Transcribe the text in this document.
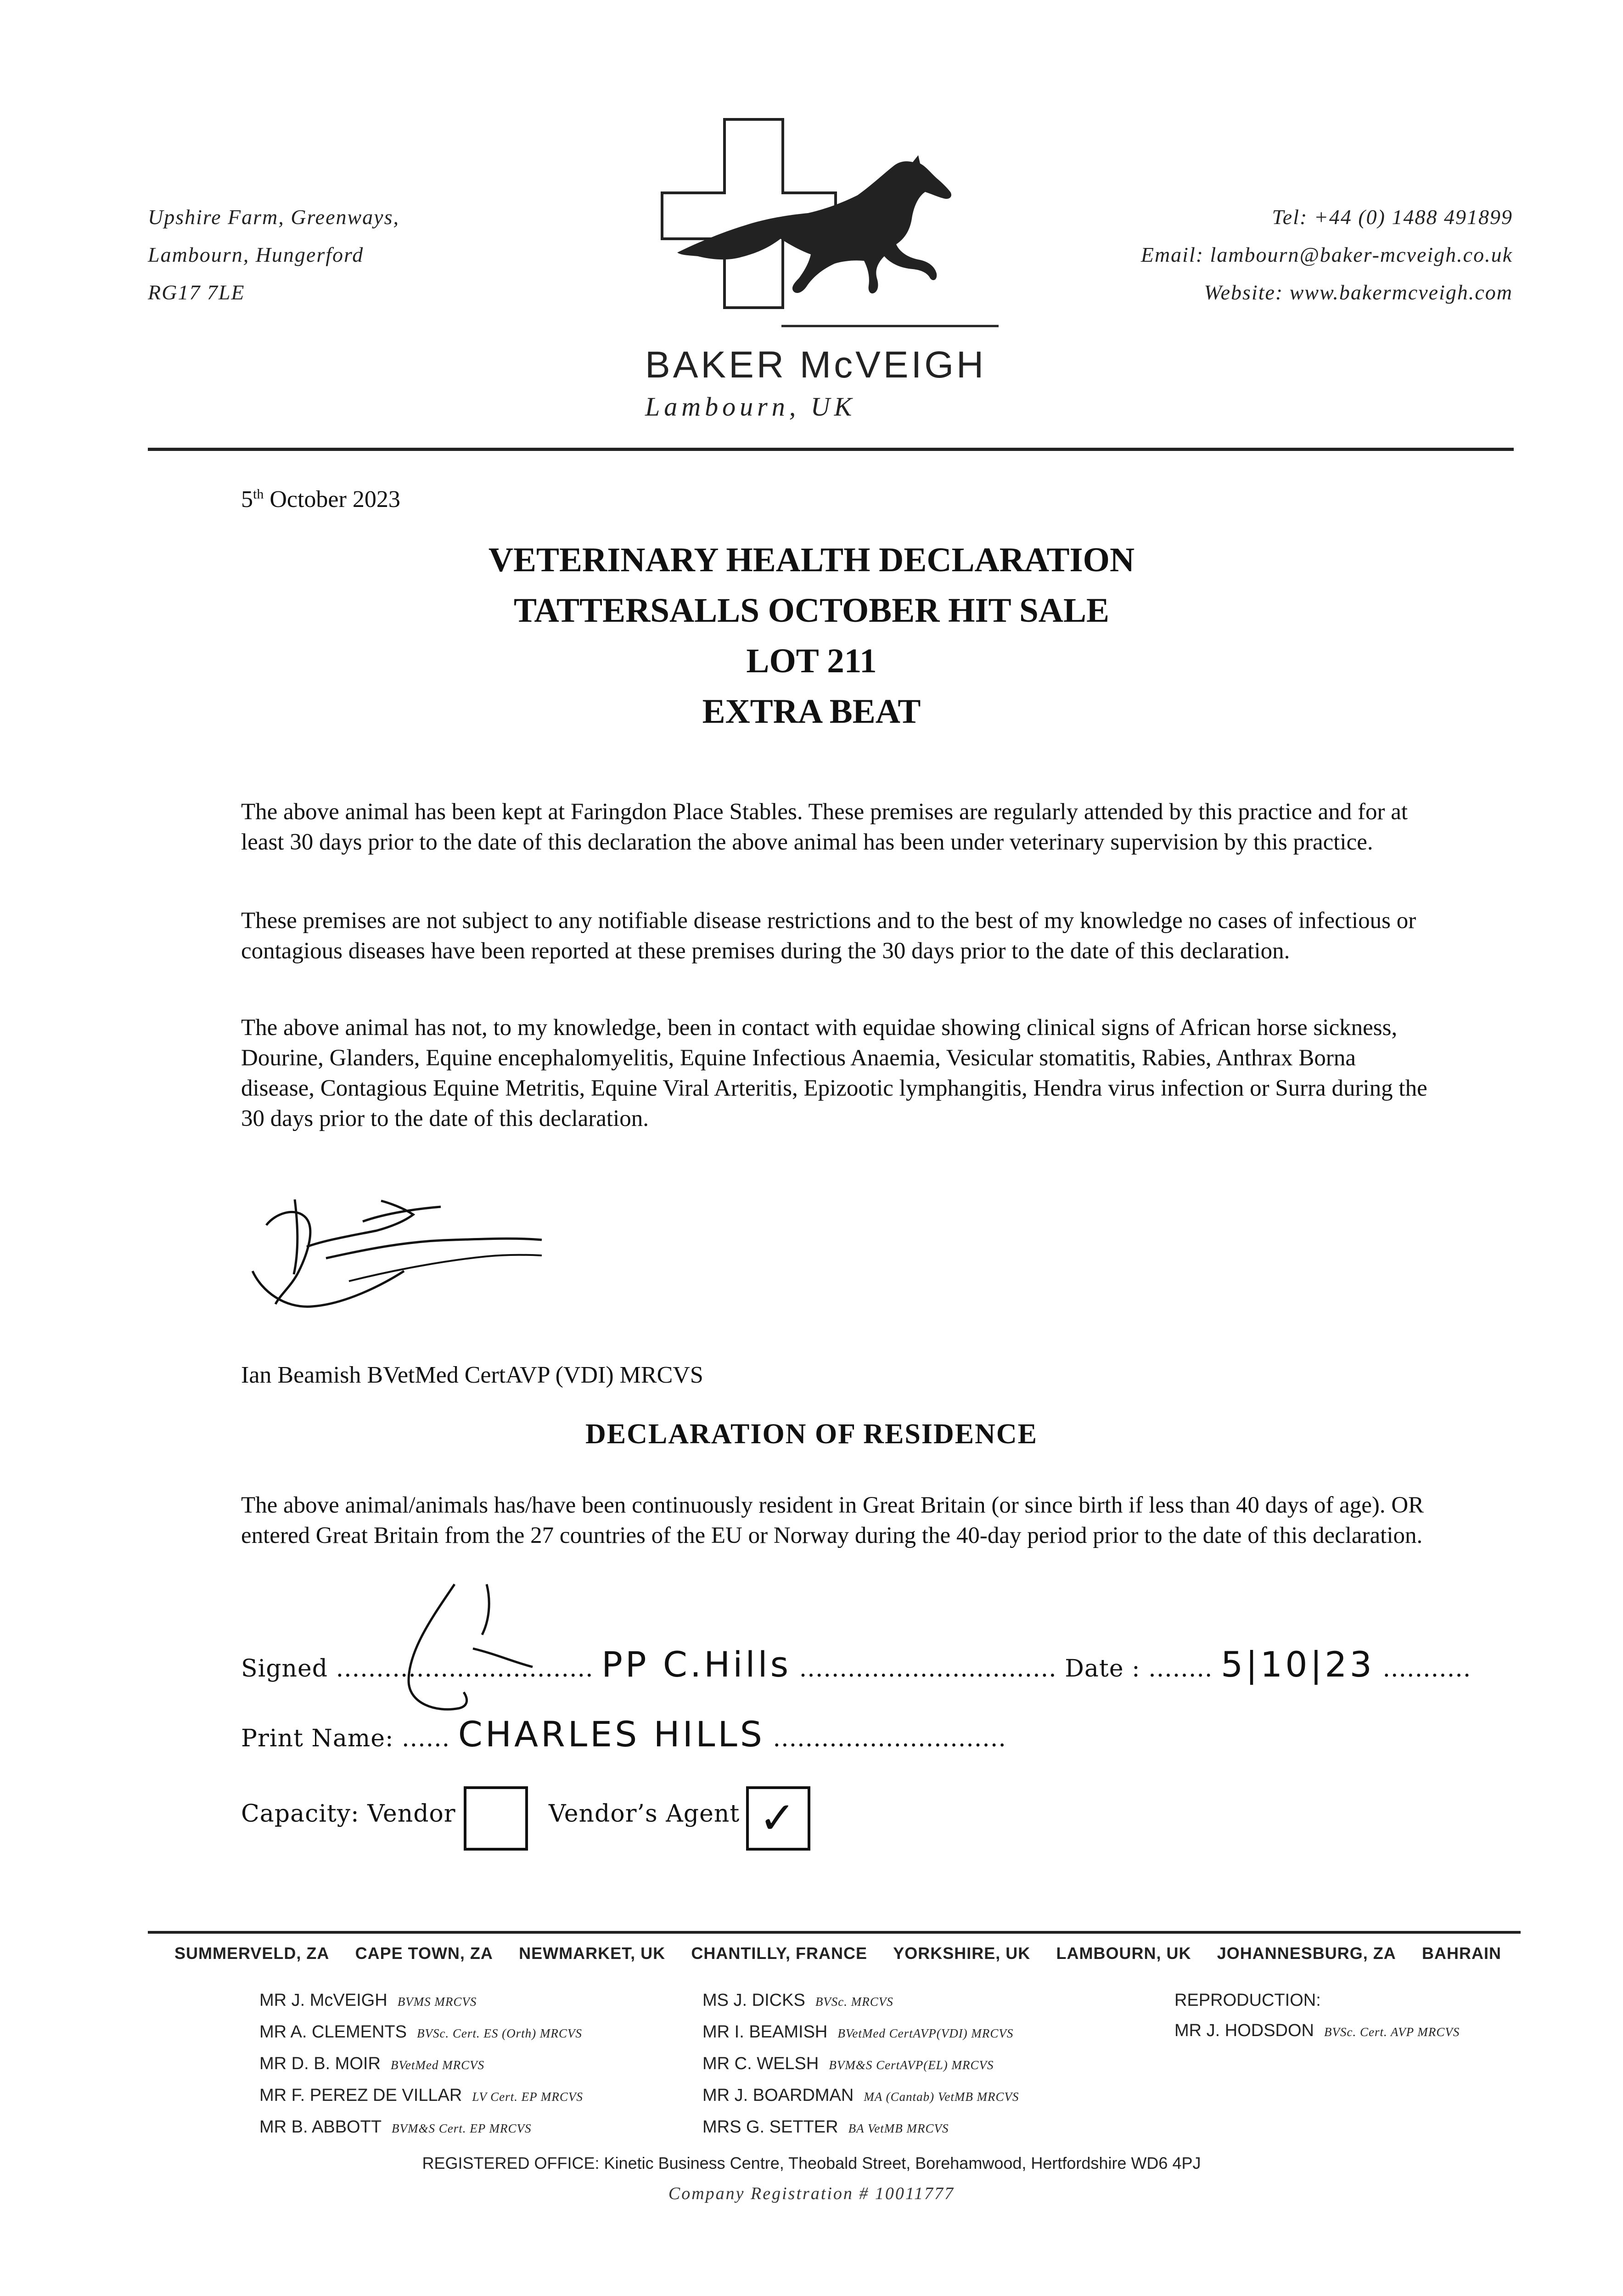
Upshire Farm, Greenways,
Lambourn, Hungerford
RG17 7LE
Tel: +44 (0) 1488 491899
Email: lambourn@baker-mcveigh.co.uk
Website: www.bakermcveigh.com
BAKER McVEIGH
Lambourn, UK
5th October 2023
VETERINARY HEALTH DECLARATION
TATTERSALLS OCTOBER HIT SALE
LOT 211
EXTRA BEAT

The above animal has been kept at Faringdon Place Stables. These premises are regularly attended by this practice and for at least 30 days prior to the date of this declaration the above animal has been under veterinary supervision by this practice.

These premises are not subject to any notifiable disease restrictions and to the best of my knowledge no cases of infectious or contagious diseases have been reported at these premises during the 30 days prior to the date of this declaration.

The above animal has not, to my knowledge, been in contact with equidae showing clinical signs of African horse sickness, Dourine, Glanders, Equine encephalomyelitis, Equine Infectious Anaemia, Vesicular stomatitis, Rabies, Anthrax Borna disease, Contagious Equine Metritis, Equine Viral Arteritis, Epizootic lymphangitis, Hendra virus infection or Surra during the 30 days prior to the date of this declaration.

Ian Beamish BVetMed CertAVP (VDI) MRCVS
DECLARATION OF RESIDENCE

The above animal/animals has/have been continuously resident in Great Britain (or since birth if less than 40 days of age). OR entered Great Britain from the 27 countries of the EU or Norway during the 40-day period prior to the date of this declaration.

Signed ................................ PP C.Hills ................................ Date : ........ 5|10|23 ...........
Print Name: ...... CHARLES HILLS .............................
Capacity: Vendor	Vendor’s Agent ✓
SUMMERVELD, ZA CAPE TOWN, ZA NEWMARKET, UK CHANTILLY, FRANCE YORKSHIRE, UK LAMBOURN, UK JOHANNESBURG, ZA BAHRAIN
MR J. McVEIGH BVMS MRCVS
MR A. CLEMENTS BVSc. Cert. ES (Orth) MRCVS
MR D. B. MOIR BVetMed MRCVS
MR F. PEREZ DE VILLAR LV Cert. EP MRCVS
MR B. ABBOTT BVM&S Cert. EP MRCVS
MS J. DICKS BVSc. MRCVS
MR I. BEAMISH BVetMed CertAVP(VDI) MRCVS
MR C. WELSH BVM&S CertAVP(EL) MRCVS
MR J. BOARDMAN MA (Cantab) VetMB MRCVS
MRS G. SETTER BA VetMB MRCVS
REPRODUCTION:
MR J. HODSDON BVSc. Cert. AVP MRCVS
REGISTERED OFFICE: Kinetic Business Centre, Theobald Street, Borehamwood, Hertfordshire WD6 4PJ
Company Registration # 10011777
